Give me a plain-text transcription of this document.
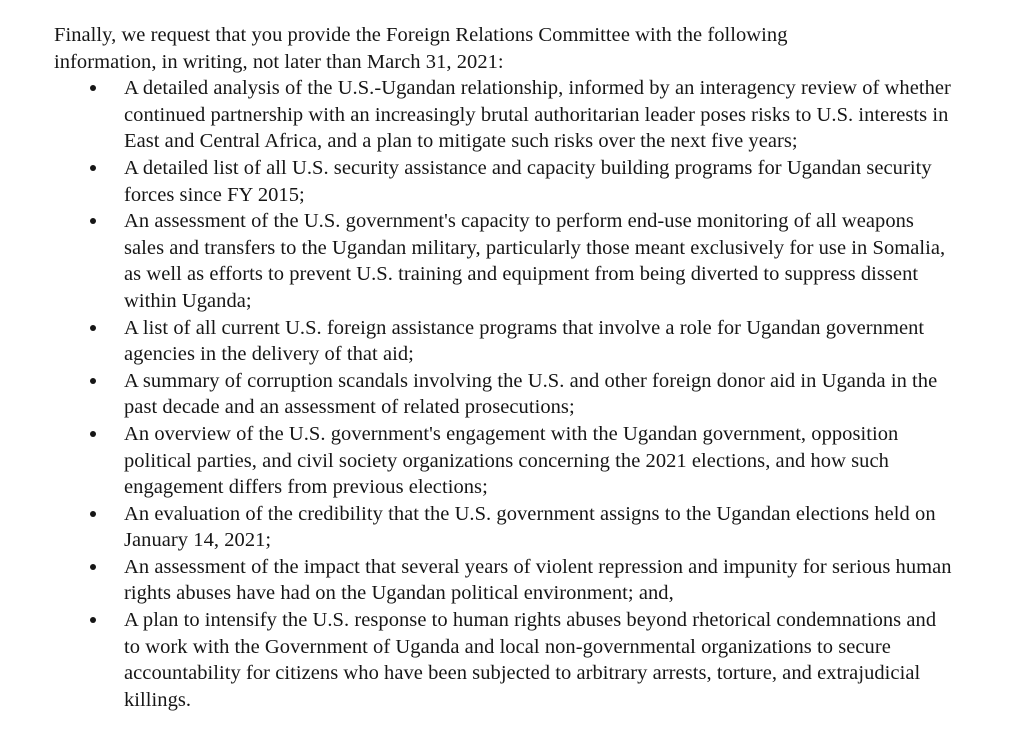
Finally, we request that you provide the Foreign Relations Committee with the following information, in writing, not later than March 31, 2021:

A detailed analysis of the U.S.-Ugandan relationship, informed by an interagency review of whether continued partnership with an increasingly brutal authoritarian leader poses risks to U.S. interests in East and Central Africa, and a plan to mitigate such risks over the next five years;
A detailed list of all U.S. security assistance and capacity building programs for Ugandan security forces since FY 2015;
An assessment of the U.S. government's capacity to perform end-use monitoring of all weapons sales and transfers to the Ugandan military, particularly those meant exclusively for use in Somalia, as well as efforts to prevent U.S. training and equipment from being diverted to suppress dissent within Uganda;
A list of all current U.S. foreign assistance programs that involve a role for Ugandan government agencies in the delivery of that aid;
A summary of corruption scandals involving the U.S. and other foreign donor aid in Uganda in the past decade and an assessment of related prosecutions;
An overview of the U.S. government's engagement with the Ugandan government, opposition political parties, and civil society organizations concerning the 2021 elections, and how such engagement differs from previous elections;
An evaluation of the credibility that the U.S. government assigns to the Ugandan elections held on January 14, 2021;
An assessment of the impact that several years of violent repression and impunity for serious human rights abuses have had on the Ugandan political environment; and,
A plan to intensify the U.S. response to human rights abuses beyond rhetorical condemnations and to work with the Government of Uganda and local non-governmental organizations to secure accountability for citizens who have been subjected to arbitrary arrests, torture, and extrajudicial killings.
